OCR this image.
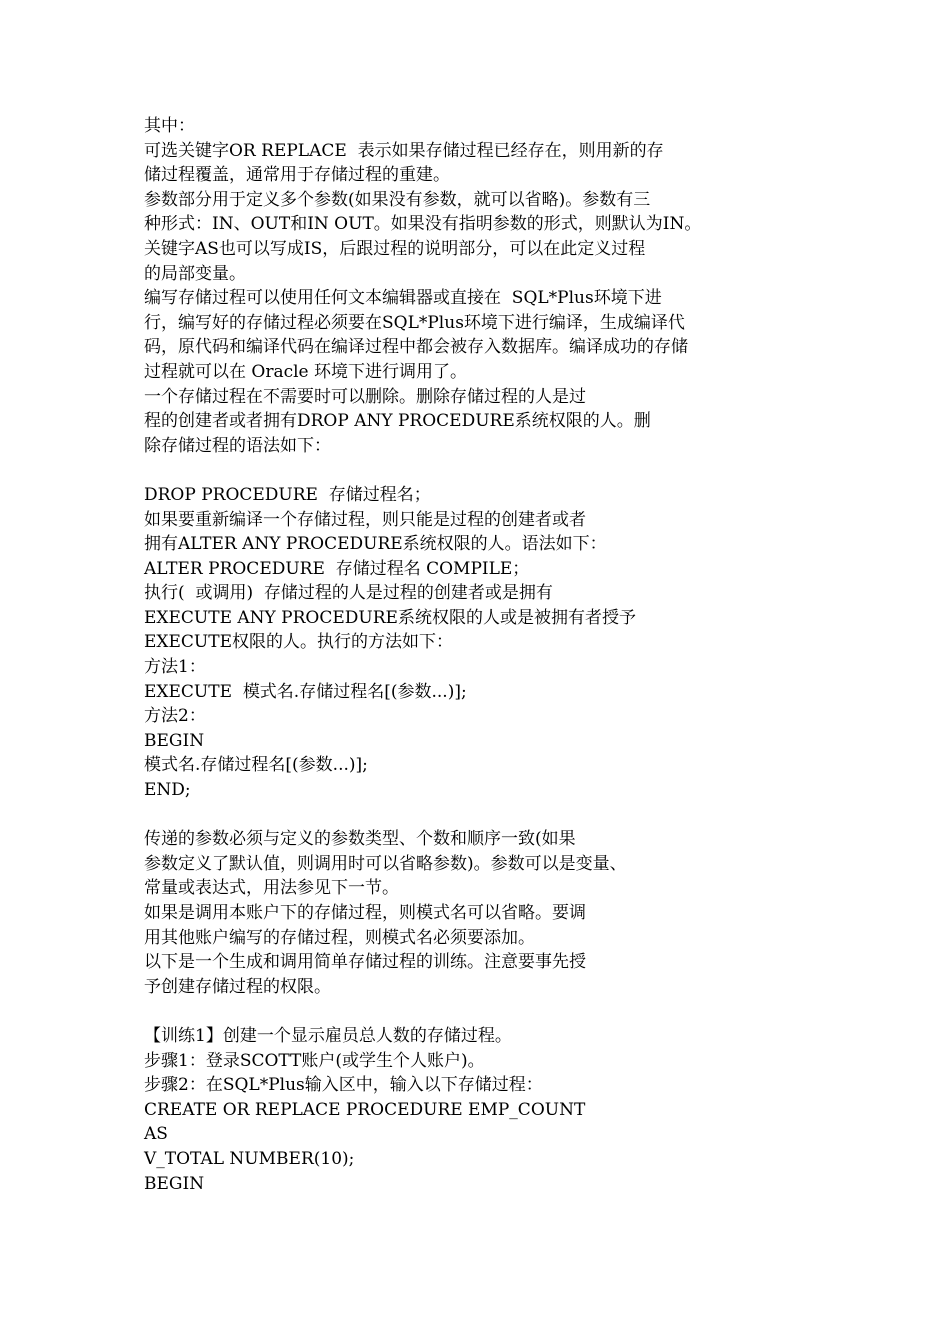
其中：
可选关键字OR REPLACE  表示如果存储过程已经存在，则用新的存
储过程覆盖，通常用于存储过程的重建。
参数部分用于定义多个参数(如果没有参数，就可以省略)。参数有三
种形式：IN、OUT和IN OUT。如果没有指明参数的形式，则默认为IN。
关键字AS也可以写成IS，后跟过程的说明部分，可以在此定义过程
的局部变量。
编写存储过程可以使用任何文本编辑器或直接在  SQL*Plus环境下进
行，编写好的存储过程必须要在SQL*Plus环境下进行编译，生成编译代
码，原代码和编译代码在编译过程中都会被存入数据库。编译成功的存储
过程就可以在 Oracle 环境下进行调用了。
一个存储过程在不需要时可以删除。删除存储过程的人是过
程的创建者或者拥有DROP ANY PROCEDURE系统权限的人。删
除存储过程的语法如下：
DROP PROCEDURE  存储过程名；
如果要重新编译一个存储过程，则只能是过程的创建者或者
拥有ALTER ANY PROCEDURE系统权限的人。语法如下：
ALTER PROCEDURE  存储过程名 COMPILE；
执行(  或调用)  存储过程的人是过程的创建者或是拥有
EXECUTE ANY PROCEDURE系统权限的人或是被拥有者授予
EXECUTE权限的人。执行的方法如下：
方法1：
EXECUTE  模式名.存储过程名[(参数...)];
方法2：
BEGIN
模式名.存储过程名[(参数...)];
END;
传递的参数必须与定义的参数类型、个数和顺序一致(如果
参数定义了默认值，则调用时可以省略参数)。参数可以是变量、
常量或表达式，用法参见下一节。
如果是调用本账户下的存储过程，则模式名可以省略。要调
用其他账户编写的存储过程，则模式名必须要添加。
以下是一个生成和调用简单存储过程的训练。注意要事先授
予创建存储过程的权限。
【训练1】创建一个显示雇员总人数的存储过程。
步骤1：登录SCOTT账户(或学生个人账户)。
步骤2：在SQL*Plus输入区中，输入以下存储过程：
CREATE OR REPLACE PROCEDURE EMP_COUNT
AS
V_TOTAL NUMBER(10);
BEGIN
